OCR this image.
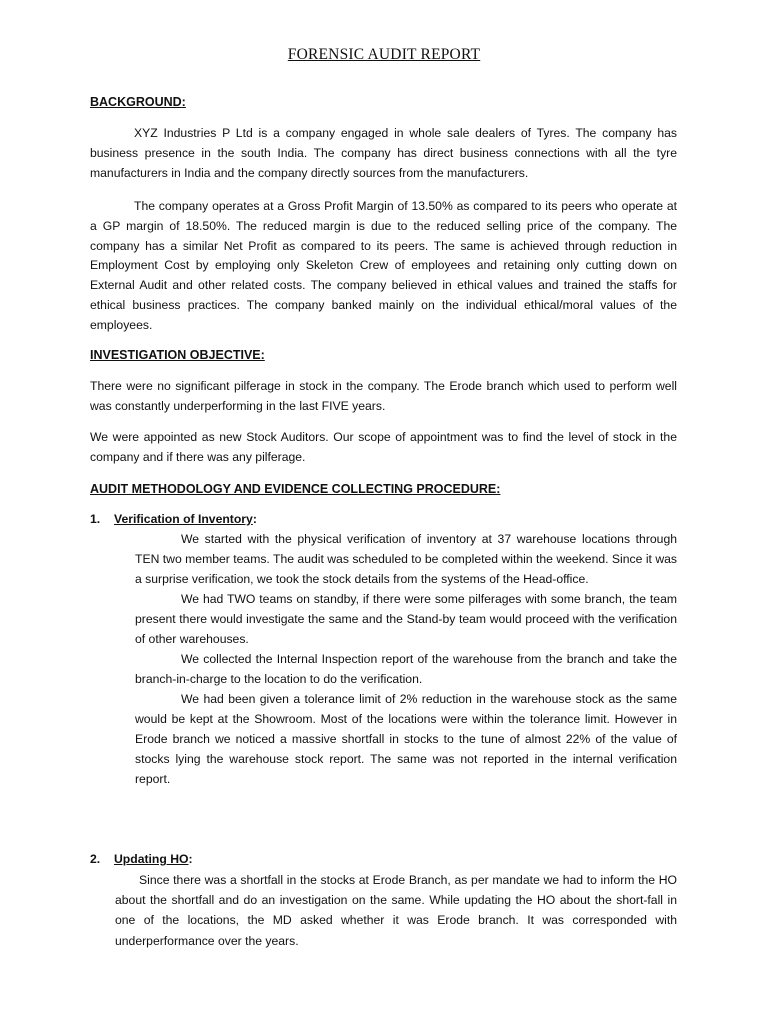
FORENSIC AUDIT REPORT
BACKGROUND:
XYZ Industries P Ltd is a company engaged in whole sale dealers of Tyres. The company has business presence in the south India. The company has direct business connections with all the tyre manufacturers in India and the company directly sources from the manufacturers.
The company operates at a Gross Profit Margin of 13.50% as compared to its peers who operate at a GP margin of 18.50%. The reduced margin is due to the reduced selling price of the company. The company has a similar Net Profit as compared to its peers. The same is achieved through reduction in Employment Cost by employing only Skeleton Crew of employees and retaining only cutting down on External Audit and other related costs. The company believed in ethical values and trained the staffs for ethical business practices. The company banked mainly on the individual ethical/moral values of the employees.
INVESTIGATION OBJECTIVE:
There were no significant pilferage in stock in the company. The Erode branch which used to perform well was constantly underperforming in the last FIVE years.
We were appointed as new Stock Auditors. Our scope of appointment was to find the level of stock in the company and if there was any pilferage.
AUDIT METHODOLOGY AND EVIDENCE COLLECTING PROCEDURE:
1. Verification of Inventory:
We started with the physical verification of inventory at 37 warehouse locations through TEN two member teams. The audit was scheduled to be completed within the weekend. Since it was a surprise verification, we took the stock details from the systems of the Head-office.
We had TWO teams on standby, if there were some pilferages with some branch, the team present there would investigate the same and the Stand-by team would proceed with the verification of other warehouses.
We collected the Internal Inspection report of the warehouse from the branch and take the branch-in-charge to the location to do the verification.
We had been given a tolerance limit of 2% reduction in the warehouse stock as the same would be kept at the Showroom. Most of the locations were within the tolerance limit. However in Erode branch we noticed a massive shortfall in stocks to the tune of almost 22% of the value of stocks lying the warehouse stock report. The same was not reported in the internal verification report.
2. Updating HO:
Since there was a shortfall in the stocks at Erode Branch, as per mandate we had to inform the HO about the shortfall and do an investigation on the same. While updating the HO about the short-fall in one of the locations, the MD asked whether it was Erode branch. It was corresponded with underperformance over the years.
